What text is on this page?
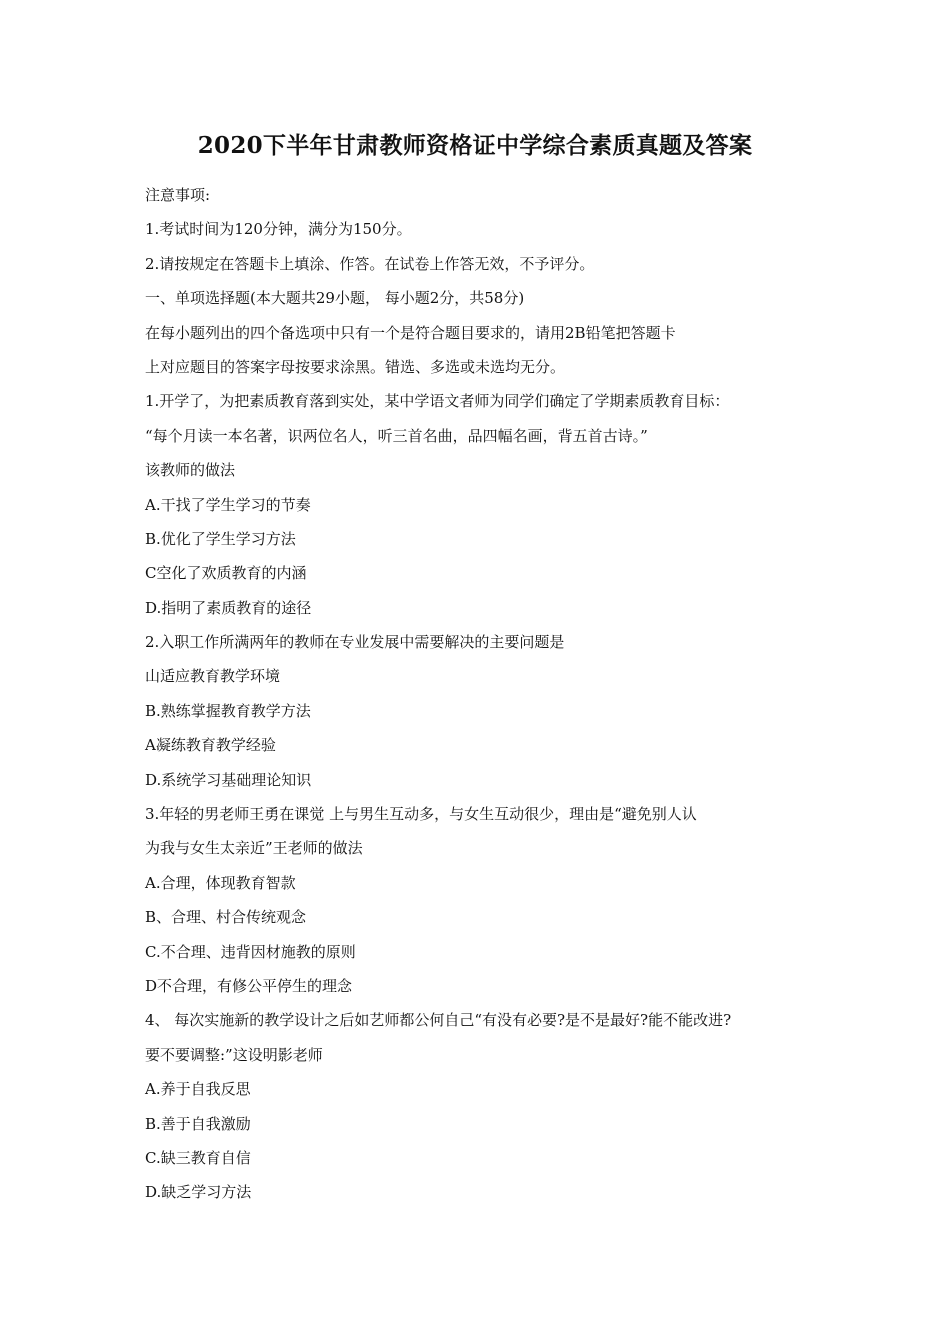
2020下半年甘肃教师资格证中学综合素质真题及答案

注意事项:

1.考试时间为120分钟，满分为150分。

2.请按规定在答题卡上填涂、作答。在试卷上作答无效，不予评分。

一、单项选择题(本大题共29小题， 每小题2分，共58分)

在每小题列出的四个备选项中只有一个是符合题目要求的，请用2B铅笔把答题卡

上对应题目的答案字母按要求涂黑。错选、多选或未选均无分。

1.开学了，为把素质教育落到实处，某中学语文者师为同学们确定了学期素质教育目标：

“每个月读一本名著，识两位名人，听三首名曲，品四幅名画，背五首古诗。”

该教师的做法

A.干找了学生学习的节奏

B.优化了学生学习方法

C空化了欢质教育的内涵

D.指明了素质教育的途径

2.入职工作所满两年的教师在专业发展中需要解决的主要问题是

山适应教育教学环境

B.熟练掌握教育教学方法

A凝练教育教学经验

D.系统学习基础理论知识

3.年轻的男老师王勇在课觉 上与男生互动多，与女生互动很少，理由是“避免别人认

为我与女生太亲近”王老师的做法

A.合理，体现教育智款

B、合理、村合传统观念

C.不合理、违背因材施教的原则

D不合理，有修公平停生的理念

4、 每次实施新的教学设计之后如艺师都公何自己“有没有必要?是不是最好?能不能改进?

要不要调整:”这设明影老师

A.养于自我反思

B.善于自我激励

C.缺三教育自信

D.缺乏学习方法
